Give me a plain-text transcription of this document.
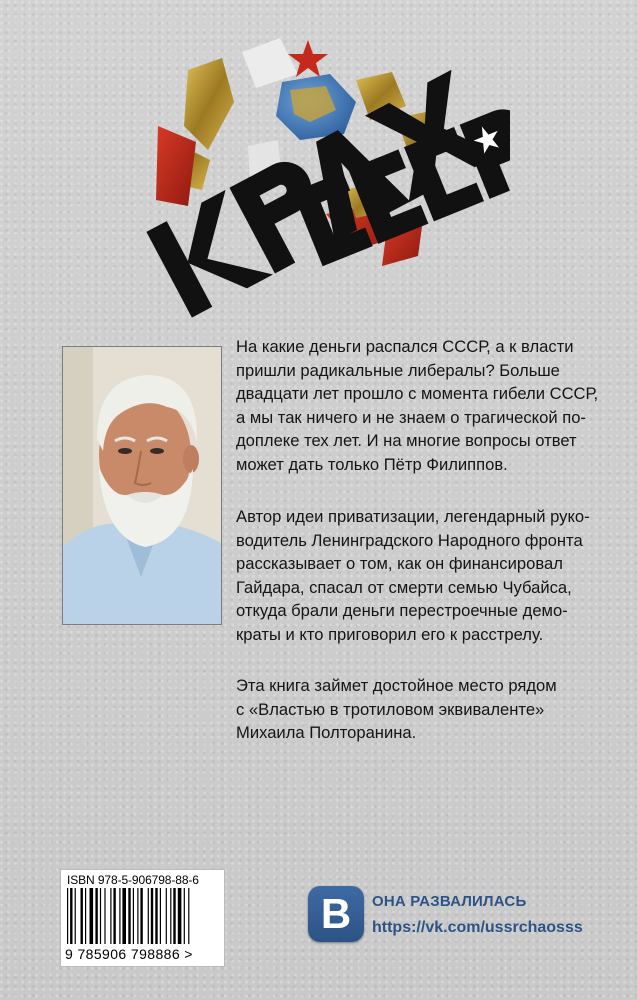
На какие деньги распался СССР, а к власти
пришли радикальные либералы? Больше
двадцати лет прошло с момента гибели СССР,
а мы так ничего и не знаем о трагической по-
доплеке тех лет. И на многие вопросы ответ
может дать только Пётр Филиппов.

Автор идеи приватизации, легендарный руко-
водитель Ленинградского Народного фронта
рассказывает о том, как он финансировал
Гайдара, спасал от смерти семью Чубайса,
откуда брали деньги перестроечные демо-
краты и кто приговорил его к расстрелу.

Эта книга займет достойное место рядом
с «Властью в тротиловом эквиваленте»
Михаила Полторанина.

ISBN 978-5-906798-88-6
9 785906 798886 >
B	ОНА РАЗВАЛИЛАСЬ
https://vk.com/ussrchaosss
